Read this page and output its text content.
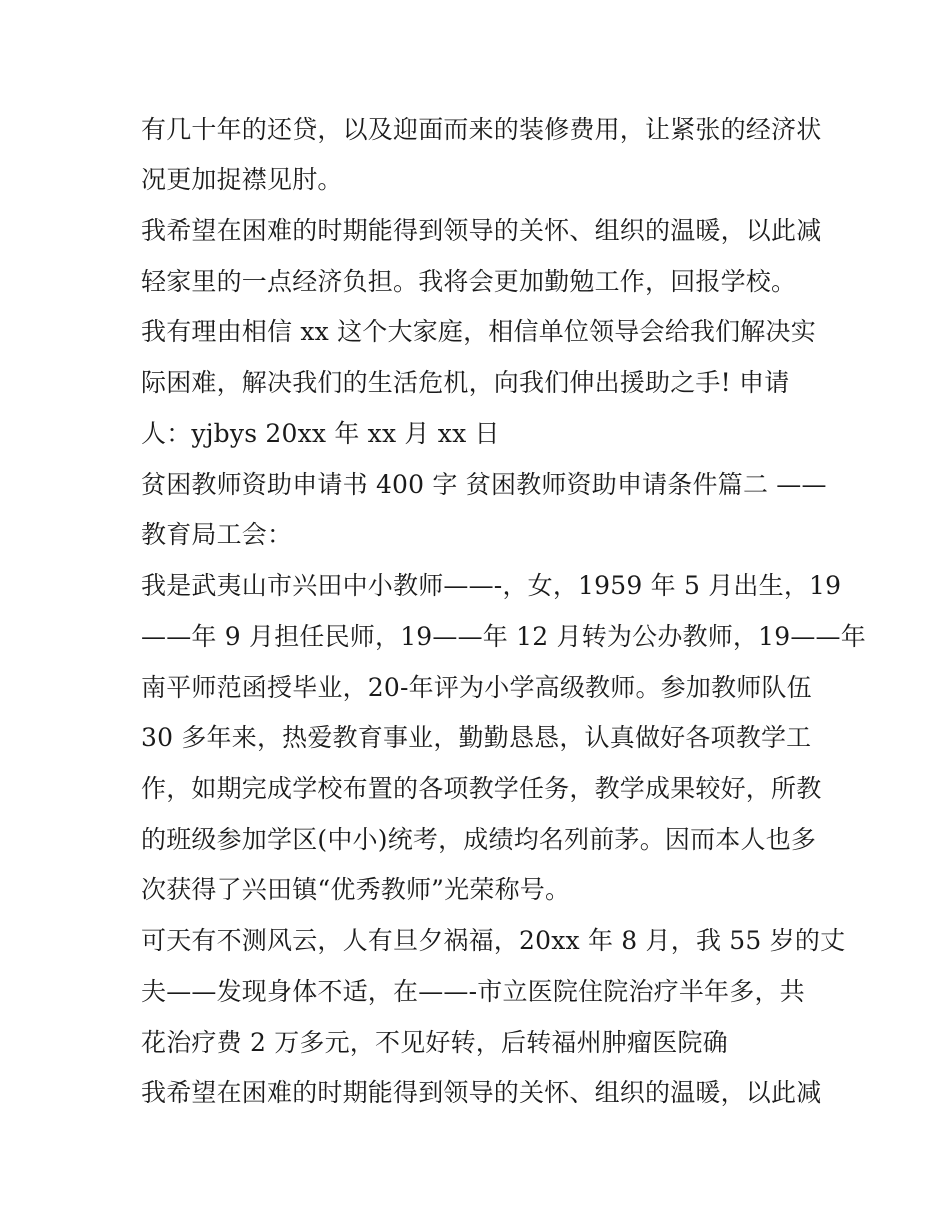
有几十年的还贷，以及迎面而来的装修费用，让紧张的经济状
况更加捉襟见肘。
我希望在困难的时期能得到领导的关怀、组织的温暖，以此减
轻家里的一点经济负担。我将会更加勤勉工作，回报学校。
我有理由相信 xx 这个大家庭，相信单位领导会给我们解决实
际困难，解决我们的生活危机，向我们伸出援助之手! 申请
人：yjbys 20xx 年 xx 月 xx 日
贫困教师资助申请书 400 字 贫困教师资助申请条件篇二 ——
教育局工会：
我是武夷山市兴田中小教师——-，女，1959 年 5 月出生，19
——年 9 月担任民师，19——年 12 月转为公办教师，19——年
南平师范函授毕业，20-年评为小学高级教师。参加教师队伍
30 多年来，热爱教育事业，勤勤恳恳，认真做好各项教学工
作，如期完成学校布置的各项教学任务，教学成果较好，所教
的班级参加学区(中小)统考，成绩均名列前茅。因而本人也多
次获得了兴田镇“优秀教师”光荣称号。
可天有不测风云，人有旦夕祸福，20xx 年 8 月，我 55 岁的丈
夫——发现身体不适，在——-市立医院住院治疗半年多，共
花治疗费 2 万多元，不见好转，后转福州肿瘤医院确
我希望在困难的时期能得到领导的关怀、组织的温暖，以此减
